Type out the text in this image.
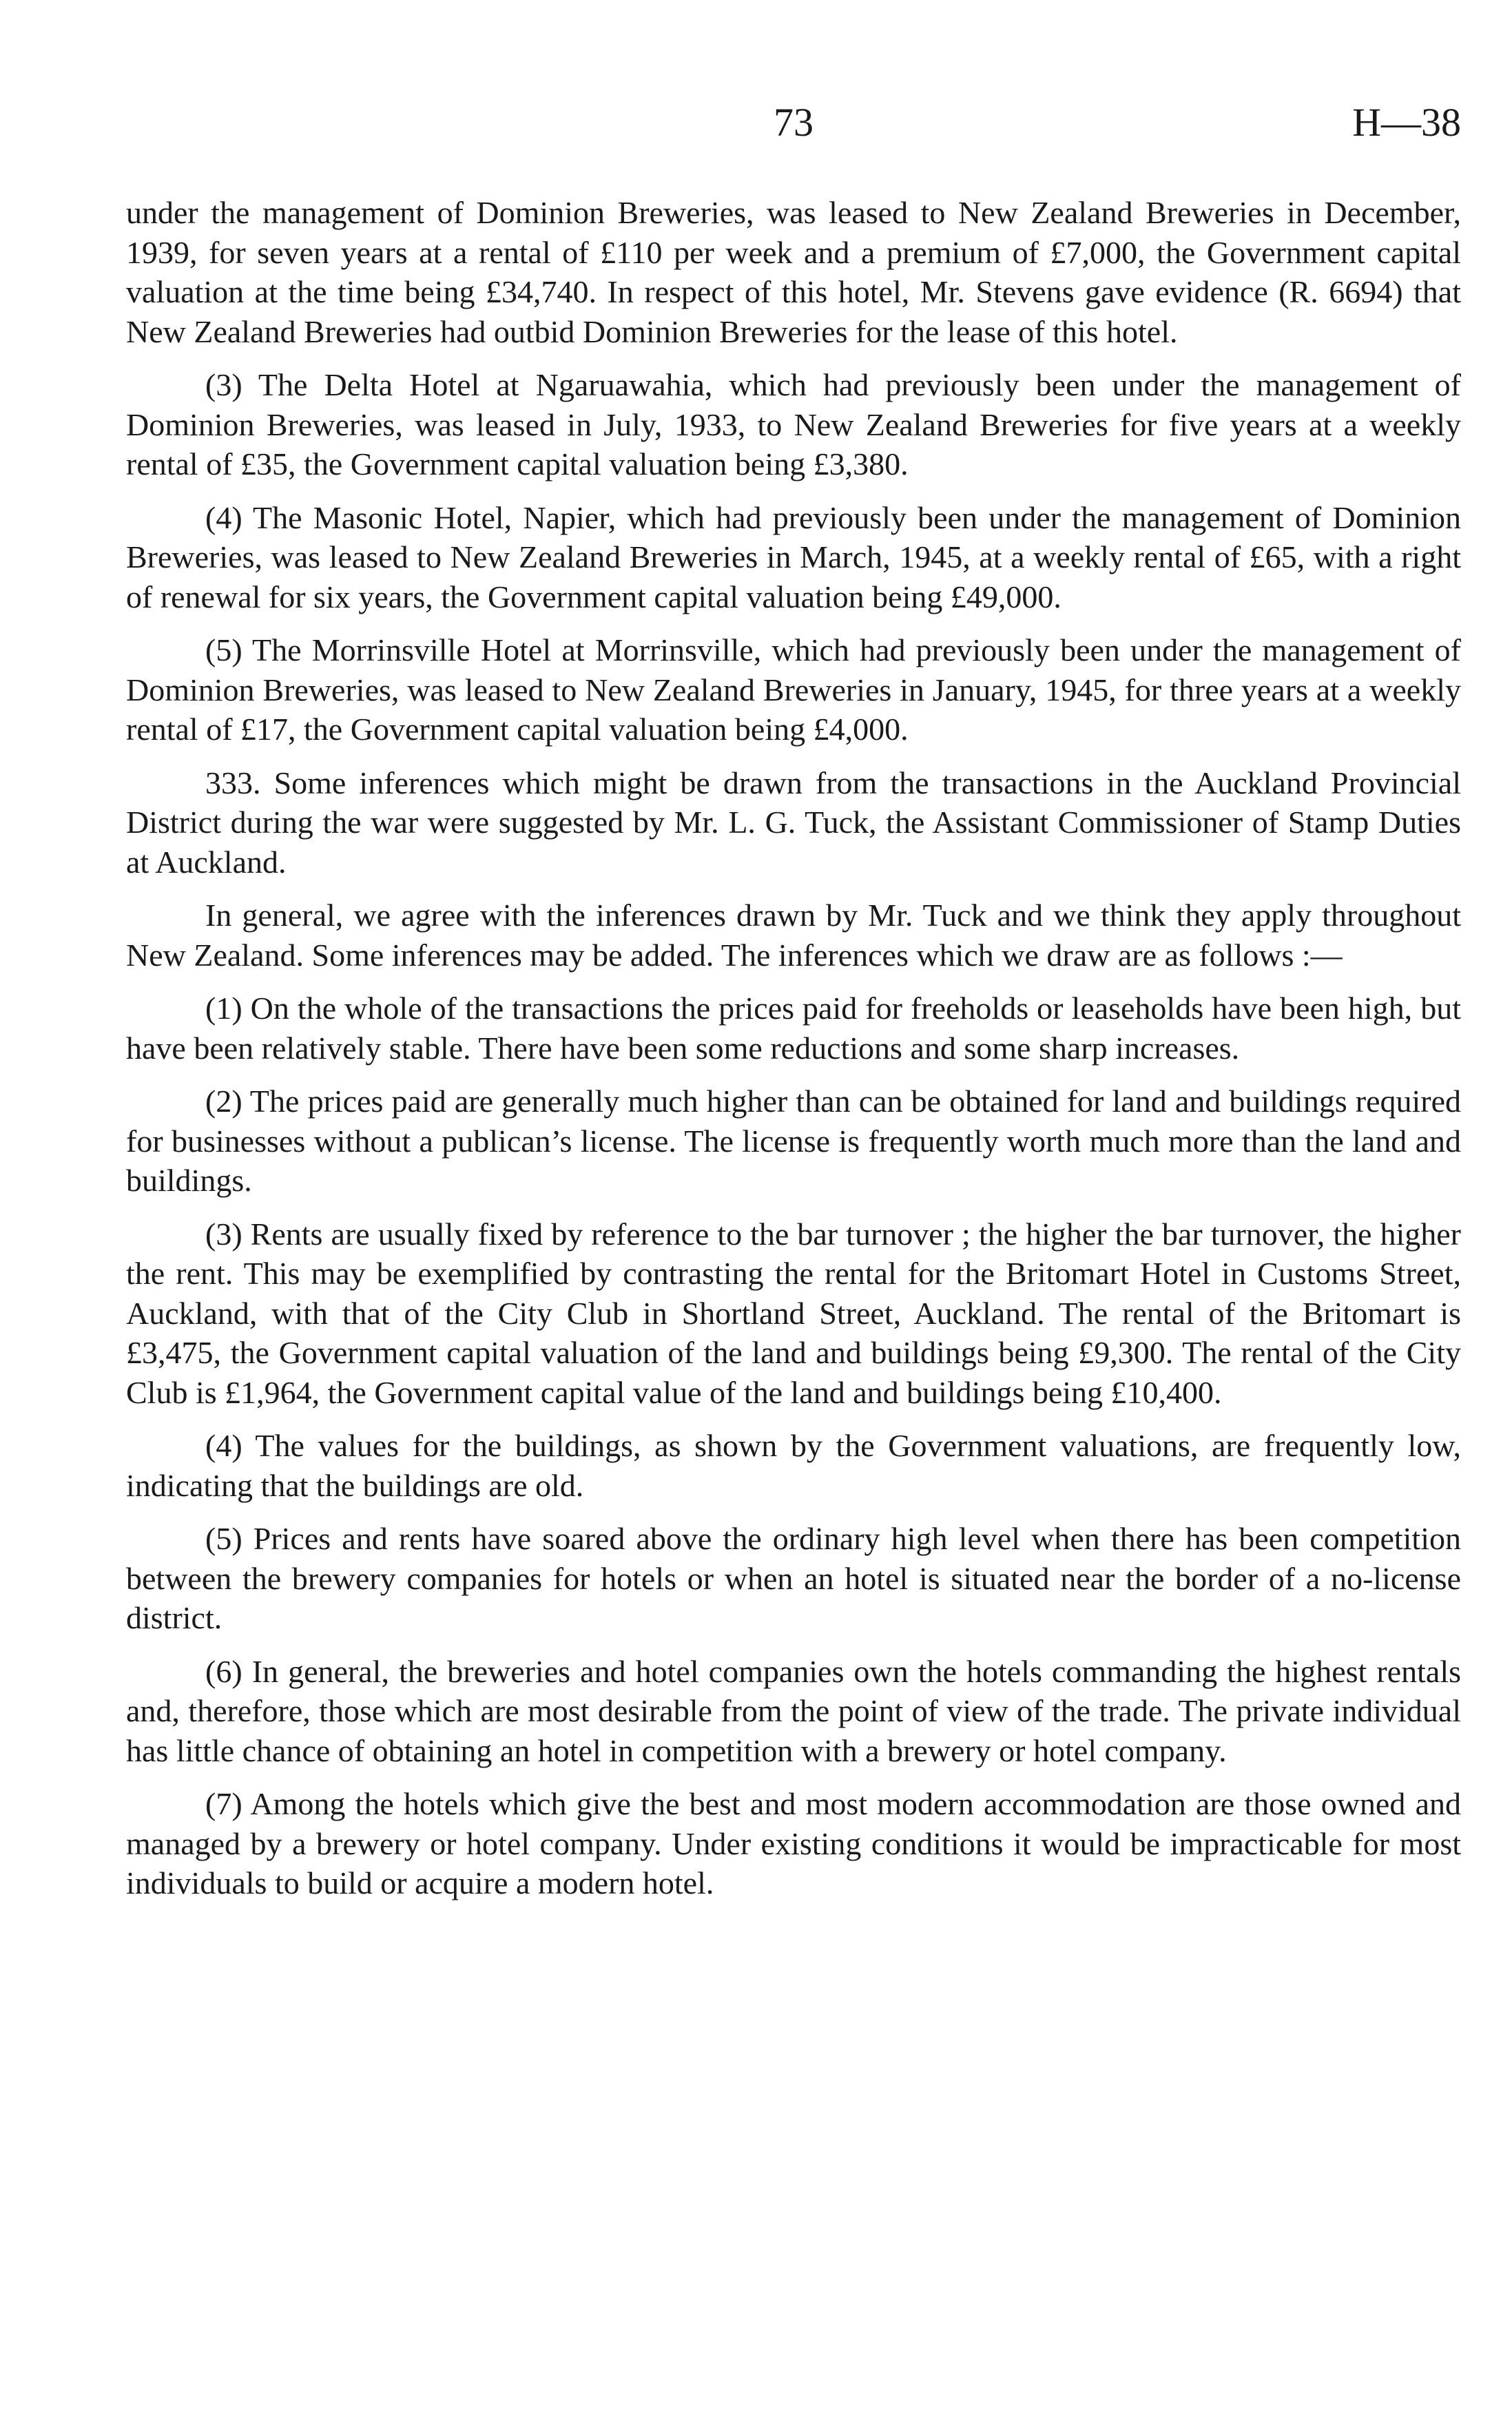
73	H—38

under the management of Dominion Breweries, was leased to New Zealand Breweries in December, 1939, for seven years at a rental of £110 per week and a premium of £7,000, the Government capital valuation at the time being £34,740. In respect of this hotel, Mr. Stevens gave evidence (R. 6694) that New Zealand Breweries had outbid Dominion Breweries for the lease of this hotel.

(3) The Delta Hotel at Ngaruawahia, which had previously been under the management of Dominion Breweries, was leased in July, 1933, to New Zealand Breweries for five years at a weekly rental of £35, the Government capital valuation being £3,380.

(4) The Masonic Hotel, Napier, which had previously been under the management of Dominion Breweries, was leased to New Zealand Breweries in March, 1945, at a weekly rental of £65, with a right of renewal for six years, the Government capital valuation being £49,000.

(5) The Morrinsville Hotel at Morrinsville, which had previously been under the management of Dominion Breweries, was leased to New Zealand Breweries in January, 1945, for three years at a weekly rental of £17, the Government capital valuation being £4,000.

333. Some inferences which might be drawn from the transactions in the Auckland Provincial District during the war were suggested by Mr. L. G. Tuck, the Assistant Commissioner of Stamp Duties at Auckland.

In general, we agree with the inferences drawn by Mr. Tuck and we think they apply throughout New Zealand. Some inferences may be added. The inferences which we draw are as follows :—

(1) On the whole of the transactions the prices paid for freeholds or leaseholds have been high, but have been relatively stable. There have been some reductions and some sharp increases.

(2) The prices paid are generally much higher than can be obtained for land and buildings required for businesses without a publican’s license. The license is frequently worth much more than the land and buildings.

(3) Rents are usually fixed by reference to the bar turnover ; the higher the bar turnover, the higher the rent. This may be exemplified by contrasting the rental for the Britomart Hotel in Customs Street, Auckland, with that of the City Club in Shortland Street, Auckland. The rental of the Britomart is £3,475, the Government capital valuation of the land and buildings being £9,300. The rental of the City Club is £1,964, the Government capital value of the land and buildings being £10,400.

(4) The values for the buildings, as shown by the Government valuations, are frequently low, indicating that the buildings are old.

(5) Prices and rents have soared above the ordinary high level when there has been competition between the brewery companies for hotels or when an hotel is situated near the border of a no-license district.

(6) In general, the breweries and hotel companies own the hotels commanding the highest rentals and, therefore, those which are most desirable from the point of view of the trade. The private individual has little chance of obtaining an hotel in competition with a brewery or hotel company.

(7) Among the hotels which give the best and most modern accommodation are those owned and managed by a brewery or hotel company. Under existing conditions it would be impracticable for most individuals to build or acquire a modern hotel.
